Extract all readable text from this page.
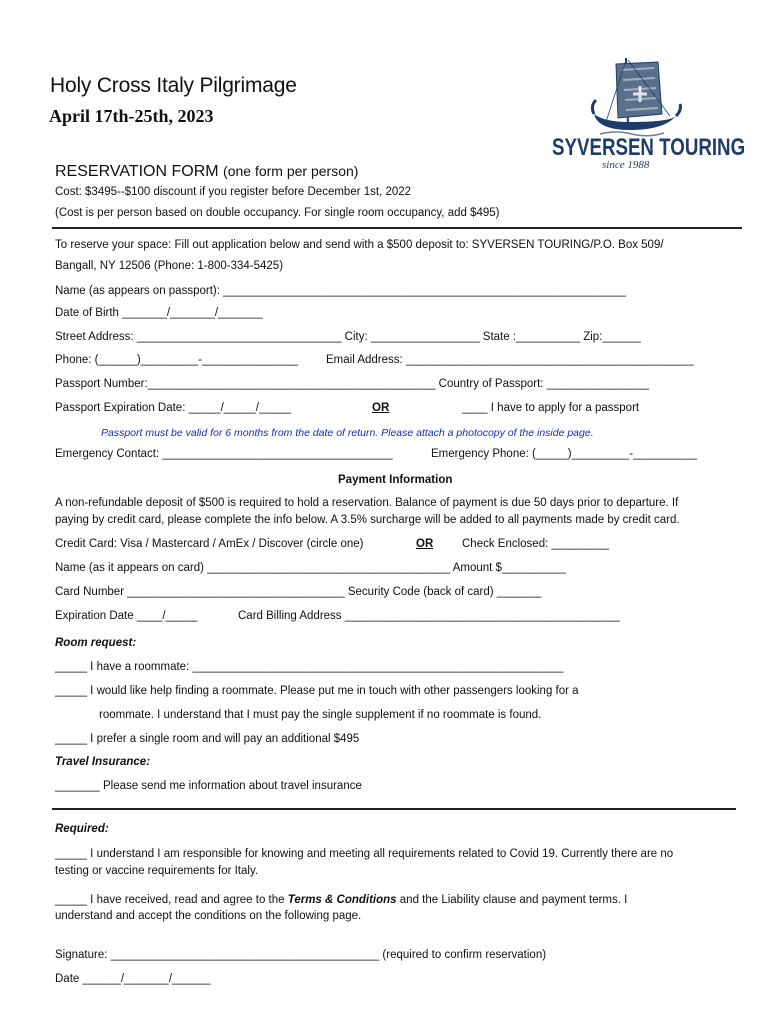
Holy Cross Italy Pilgrimage
April 17th-25th, 2023
SYVERSEN TOURING
since 1988
RESERVATION FORM (one form per person)
Cost: $3495--$100 discount if you register before December 1st, 2022
(Cost is per person based on double occupancy. For single room occupancy, add $495)
To reserve your space: Fill out application below and send with a $500 deposit to: SYVERSEN TOURING/P.O. Box 509/
Bangall, NY 12506 (Phone: 1-800-334-5425)
Name (as appears on passport): _______________________________________________________________
Date of Birth _______/_______/_______
Street Address: ________________________________ City: _________________ State :__________ Zip:______
Phone: (______)_________-_______________ Email Address: _____________________________________________
Passport Number:_____________________________________________ Country of Passport: ________________
Passport Expiration Date: _____/_____/_____	OR	____ I have to apply for a passport
Passport must be valid for 6 months from the date of return. Please attach a photocopy of the inside page.
Emergency Contact: ____________________________________	Emergency Phone: (_____)_________-__________
Payment Information
A non-refundable deposit of $500 is required to hold a reservation. Balance of payment is due 50 days prior to departure. If
paying by credit card, please complete the info below. A 3.5% surcharge will be added to all payments made by credit card.
Credit Card: Visa / Mastercard / AmEx / Discover (circle one)	OR	Check Enclosed: _________
Name (as it appears on card) ______________________________________ Amount $__________
Card Number __________________________________ Security Code (back of card) _______
Expiration Date ____/_____	Card Billing Address ___________________________________________
Room request:
_____ I have a roommate: __________________________________________________________
_____ I would like help finding a roommate. Please put me in touch with other passengers looking for a
roommate. I understand that I must pay the single supplement if no roommate is found.
_____ I prefer a single room and will pay an additional $495
Travel Insurance:
_______ Please send me information about travel insurance
Required:
_____ I understand I am responsible for knowing and meeting all requirements related to Covid 19. Currently there are no
testing or vaccine requirements for Italy.
_____ I have received, read and agree to the Terms & Conditions and the Liability clause and payment terms. I
understand and accept the conditions on the following page.
Signature: __________________________________________ (required to confirm reservation)
Date ______/_______/______
